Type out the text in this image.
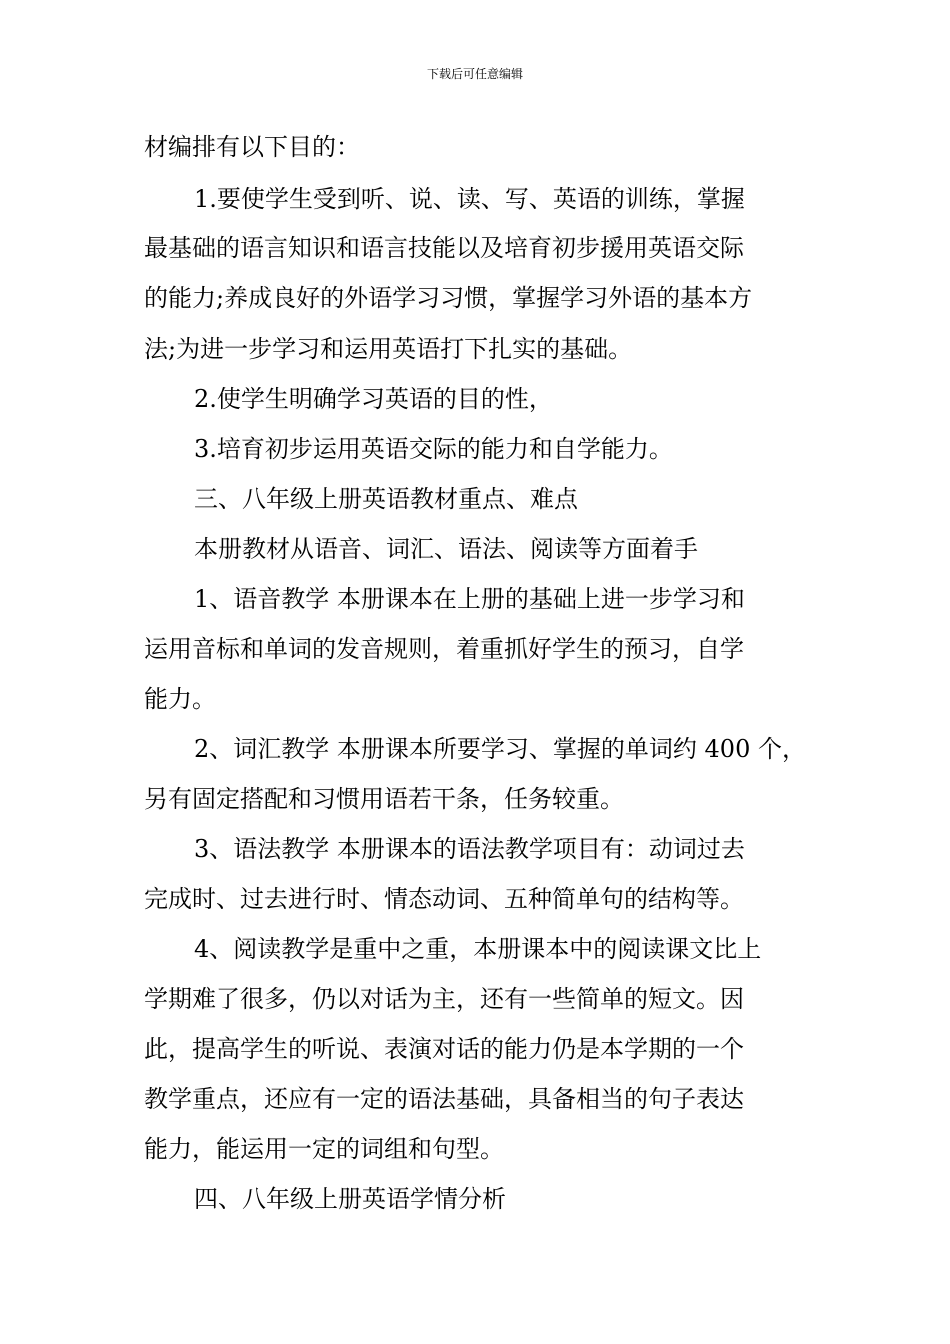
下载后可任意编辑
材编排有以下目的：
1.要使学生受到听、说、读、写、英语的训练，掌握
最基础的语言知识和语言技能以及培育初步援用英语交际
的能力;养成良好的外语学习习惯，掌握学习外语的基本方
法;为进一步学习和运用英语打下扎实的基础。
2.使学生明确学习英语的目的性，
3.培育初步运用英语交际的能力和自学能力。
三、八年级上册英语教材重点、难点
本册教材从语音、词汇、语法、阅读等方面着手
1、语音教学 本册课本在上册的基础上进一步学习和
运用音标和单词的发音规则，着重抓好学生的预习，自学
能力。
2、词汇教学 本册课本所要学习、掌握的单词约 400 个，
另有固定搭配和习惯用语若干条，任务较重。
3、语法教学 本册课本的语法教学项目有：动词过去
完成时、过去进行时、情态动词、五种简单句的结构等。
4、阅读教学是重中之重，本册课本中的阅读课文比上
学期难了很多，仍以对话为主，还有一些简单的短文。因
此，提高学生的听说、表演对话的能力仍是本学期的一个
教学重点，还应有一定的语法基础，具备相当的句子表达
能力，能运用一定的词组和句型。
四、八年级上册英语学情分析
